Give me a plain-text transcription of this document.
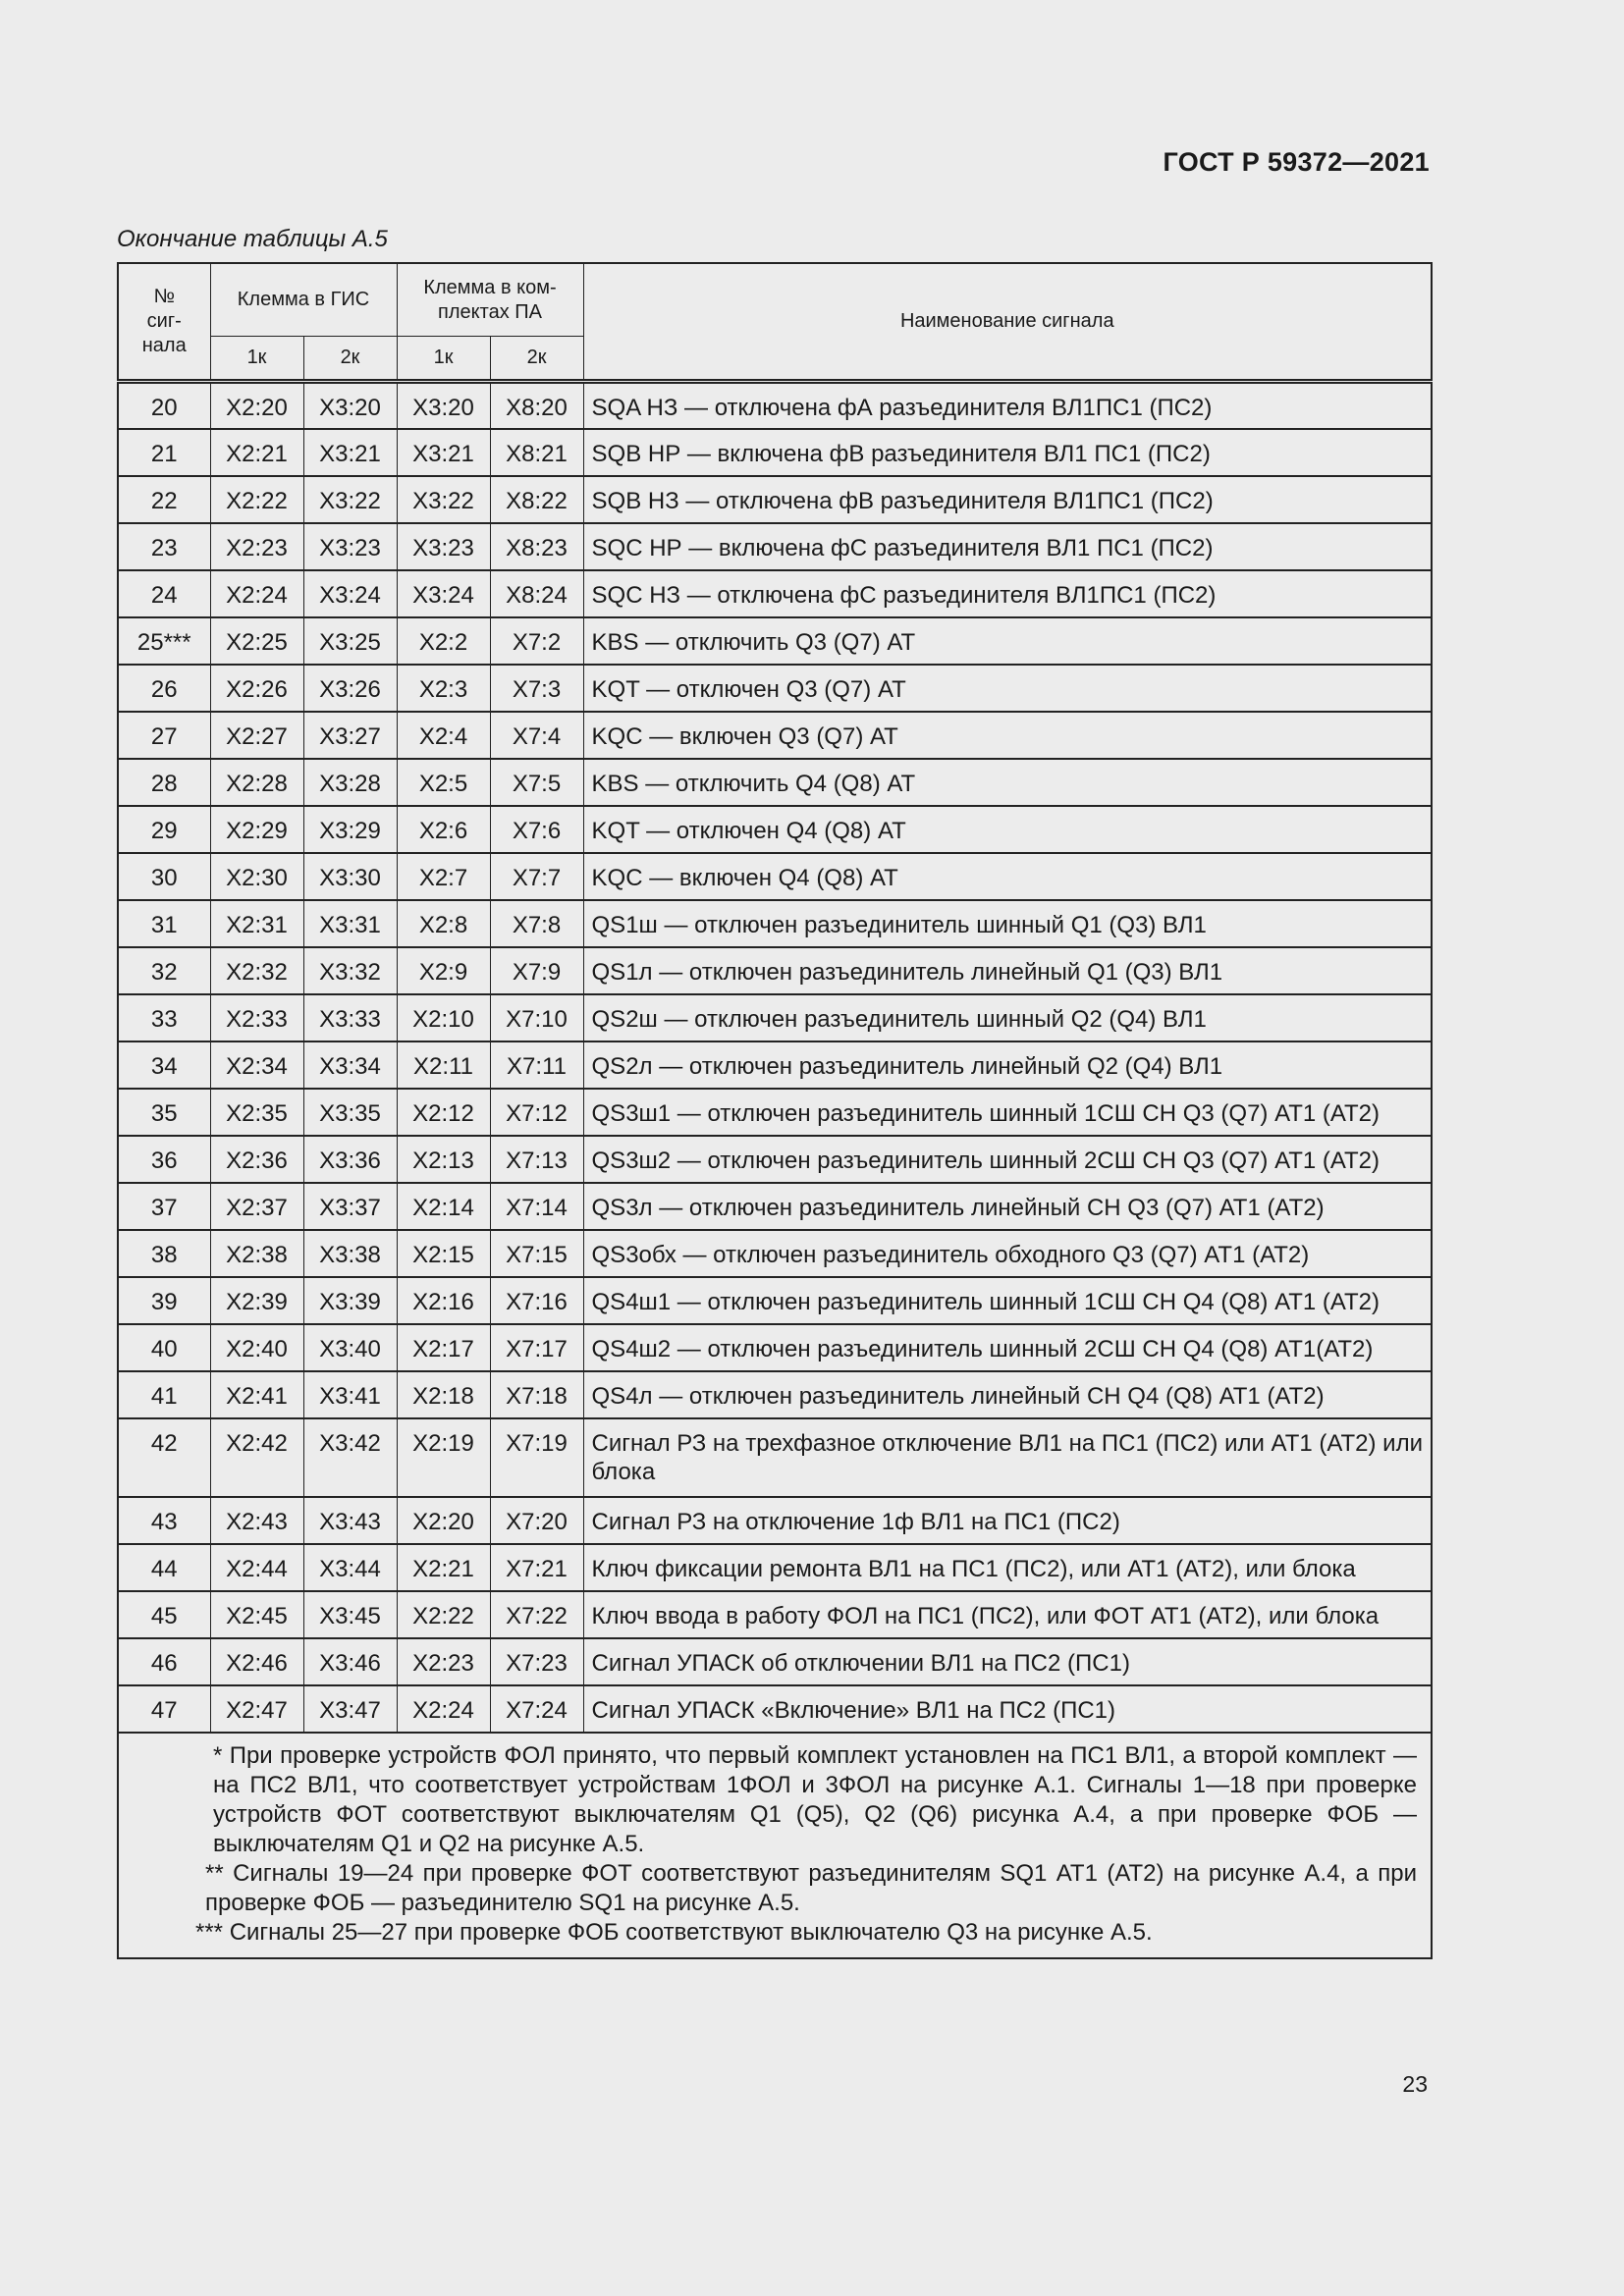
ГОСТ Р 59372—2021
Окончание таблицы А.5
№ сиг- нала	Клемма в ГИС		Клемма в ком- плектах ПА		Наименование сигнала
	1к	2к	1к	2к	
20	X2:20	X3:20	X3:20	X8:20	SQA НЗ — отключена фА разъединителя ВЛ1ПС1 (ПС2)
21	X2:21	X3:21	X3:21	X8:21	SQB НР — включена фВ разъединителя ВЛ1 ПС1 (ПС2)
22	X2:22	X3:22	X3:22	X8:22	SQB НЗ — отключена фВ разъединителя ВЛ1ПС1 (ПС2)
23	X2:23	X3:23	X3:23	X8:23	SQC НР — включена фС разъединителя ВЛ1 ПС1 (ПС2)
24	X2:24	X3:24	X3:24	X8:24	SQC НЗ — отключена фС разъединителя ВЛ1ПС1 (ПС2)
25***	X2:25	X3:25	X2:2	X7:2	KBS — отключить Q3 (Q7) АТ
26	X2:26	X3:26	X2:3	X7:3	KQT — отключен Q3 (Q7) АТ
27	X2:27	X3:27	X2:4	X7:4	KQC — включен Q3 (Q7) АТ
28	X2:28	X3:28	X2:5	X7:5	KBS — отключить Q4 (Q8) АТ
29	X2:29	X3:29	X2:6	X7:6	KQT — отключен Q4 (Q8) АТ
30	X2:30	X3:30	X2:7	X7:7	KQC — включен Q4 (Q8) АТ
31	X2:31	X3:31	X2:8	X7:8	QS1ш — отключен разъединитель шинный Q1 (Q3) ВЛ1
32	X2:32	X3:32	X2:9	X7:9	QS1л — отключен разъединитель линейный Q1 (Q3) ВЛ1
33	X2:33	X3:33	X2:10	X7:10	QS2ш — отключен разъединитель шинный Q2 (Q4) ВЛ1
34	X2:34	X3:34	X2:11	X7:11	QS2л — отключен разъединитель линейный Q2 (Q4) ВЛ1
35	X2:35	X3:35	X2:12	X7:12	QS3ш1 — отключен разъединитель шинный 1СШ СН Q3 (Q7) АТ1 (АТ2)
36	X2:36	X3:36	X2:13	X7:13	QS3ш2 — отключен разъединитель шинный 2СШ СН Q3 (Q7) АТ1 (АТ2)
37	X2:37	X3:37	X2:14	X7:14	QS3л — отключен разъединитель линейный СН Q3 (Q7) АТ1 (АТ2)
38	X2:38	X3:38	X2:15	X7:15	QS3обх — отключен разъединитель обходного Q3 (Q7) АТ1 (АТ2)
39	X2:39	X3:39	X2:16	X7:16	QS4ш1 — отключен разъединитель шинный 1СШ СН Q4 (Q8) АТ1 (АТ2)
40	X2:40	X3:40	X2:17	X7:17	QS4ш2 — отключен разъединитель шинный 2СШ СН Q4 (Q8) АТ1(АТ2)
41	X2:41	X3:41	X2:18	X7:18	QS4л — отключен разъединитель линейный СН Q4 (Q8) АТ1 (АТ2)
42	X2:42	X3:42	X2:19	X7:19	Сигнал РЗ на трехфазное отключение ВЛ1 на ПС1 (ПС2) или АТ1 (АТ2) или блока
43	X2:43	X3:43	X2:20	X7:20	Сигнал РЗ на отключение 1ф ВЛ1 на ПС1 (ПС2)
44	X2:44	X3:44	X2:21	X7:21	Ключ фиксации ремонта ВЛ1 на ПС1 (ПС2), или АТ1 (АТ2), или блока
45	X2:45	X3:45	X2:22	X7:22	Ключ ввода в работу ФОЛ на ПС1 (ПС2), или ФОТ АТ1 (АТ2), или блока
46	X2:46	X3:46	X2:23	X7:23	Сигнал УПАСК об отключении ВЛ1 на ПС2 (ПС1)
47	X2:47	X3:47	X2:24	X7:24	Сигнал УПАСК «Включение» ВЛ1 на ПС2 (ПС1)

* При проверке устройств ФОЛ принято, что первый комплект установлен на ПС1 ВЛ1, а второй комплект — на ПС2 ВЛ1, что соответствует устройствам 1ФОЛ и 3ФОЛ на рисунке А.1. Сигналы 1—18 при проверке устройств ФОТ соответствуют выключателям Q1 (Q5), Q2 (Q6) рисунка А.4, а при проверке ФОБ — выключателям Q1 и Q2 на рисунке А.5.
** Сигналы 19—24 при проверке ФОТ соответствуют разъединителям SQ1 АТ1 (АТ2) на рисунке А.4, а при проверке ФОБ — разъединителю SQ1 на рисунке А.5.
*** Сигналы 25—27 при проверке ФОБ соответствуют выключателю Q3 на рисунке А.5.					
23
